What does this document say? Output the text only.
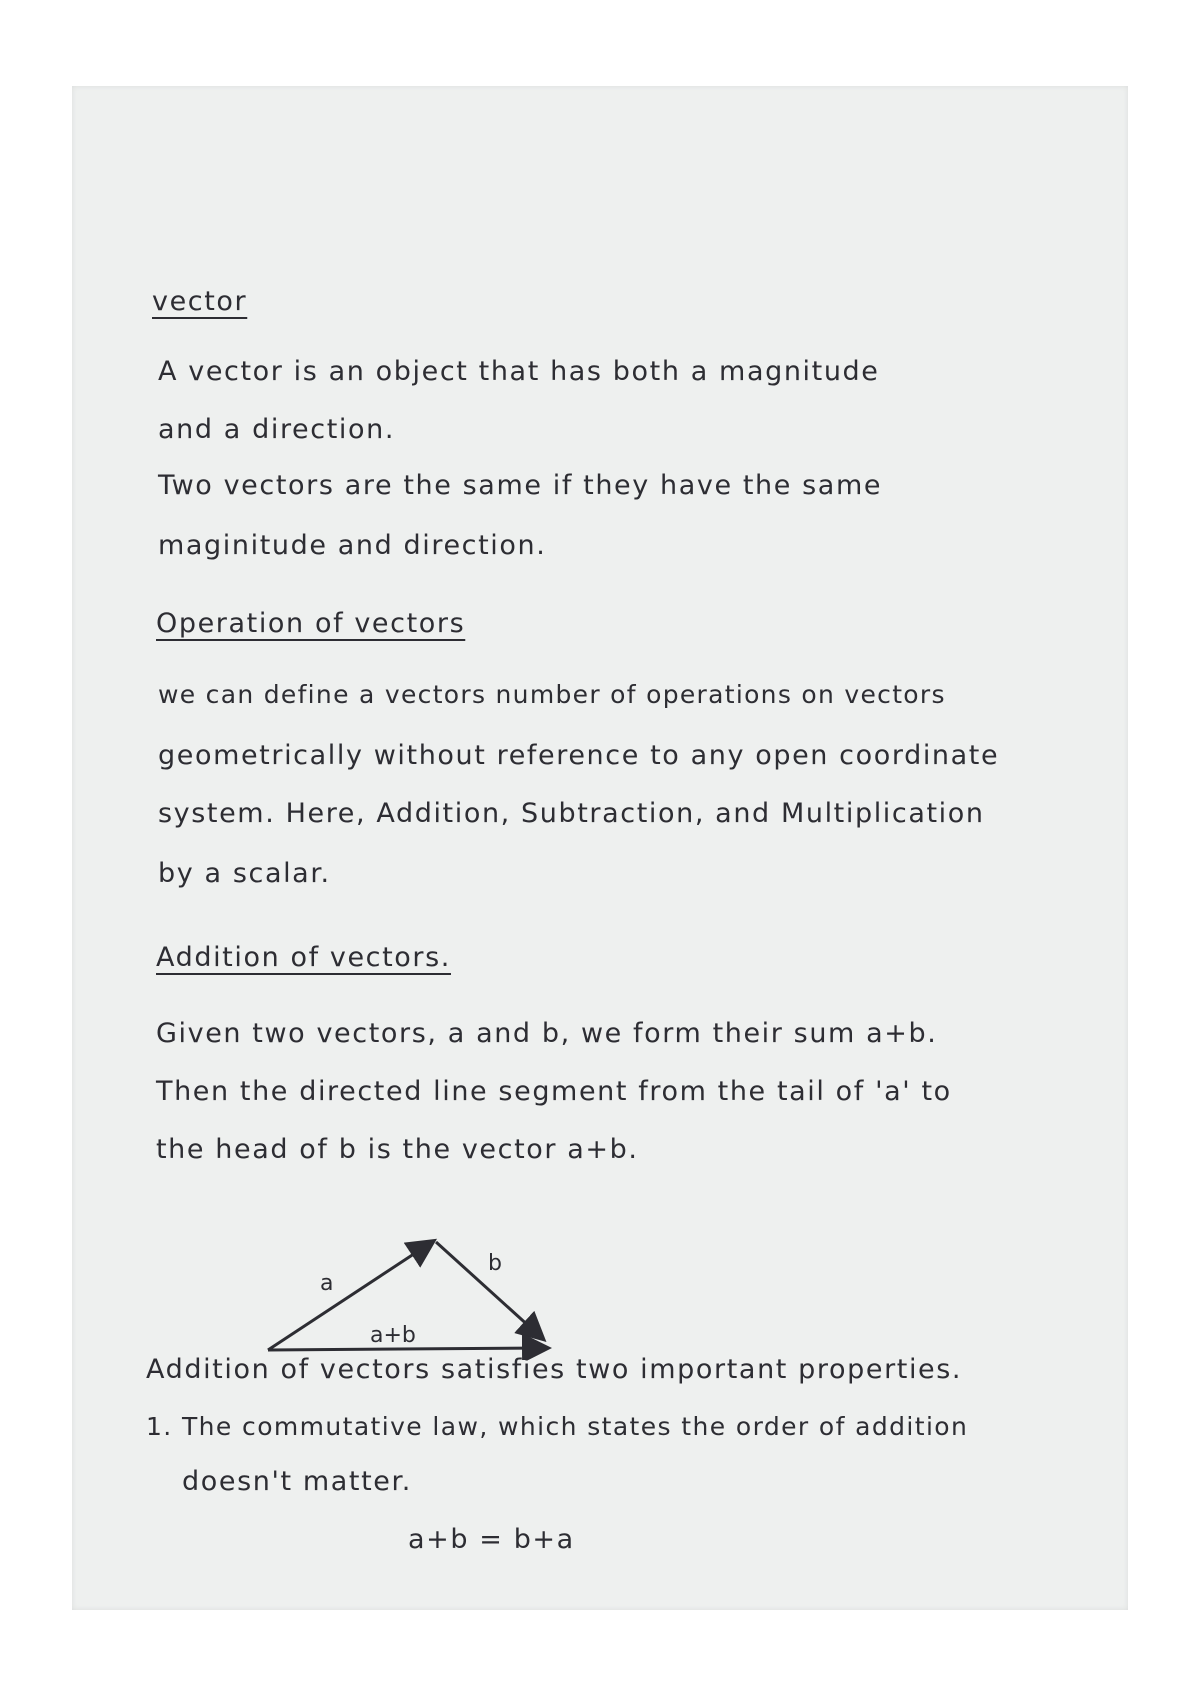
vector
A vector is an object that has both a magnitude
and a direction.
Two vectors are the same if they have the same
maginitude and direction.
Operation of vectors
we can define a vectors number of operations on vectors
geometrically without reference to any open coordinate
system. Here, Addition, Subtraction, and Multiplication
by a scalar.
Addition of vectors.
Given two vectors, a and b, we form their sum a+b.
Then the directed line segment from the tail of 'a' to
the head of b is the vector a+b.
Addition of vectors satisfies two important properties.
1. The commutative law, which states the order of addition
doesn't matter.
a+b = b+a
a
b
a+b
